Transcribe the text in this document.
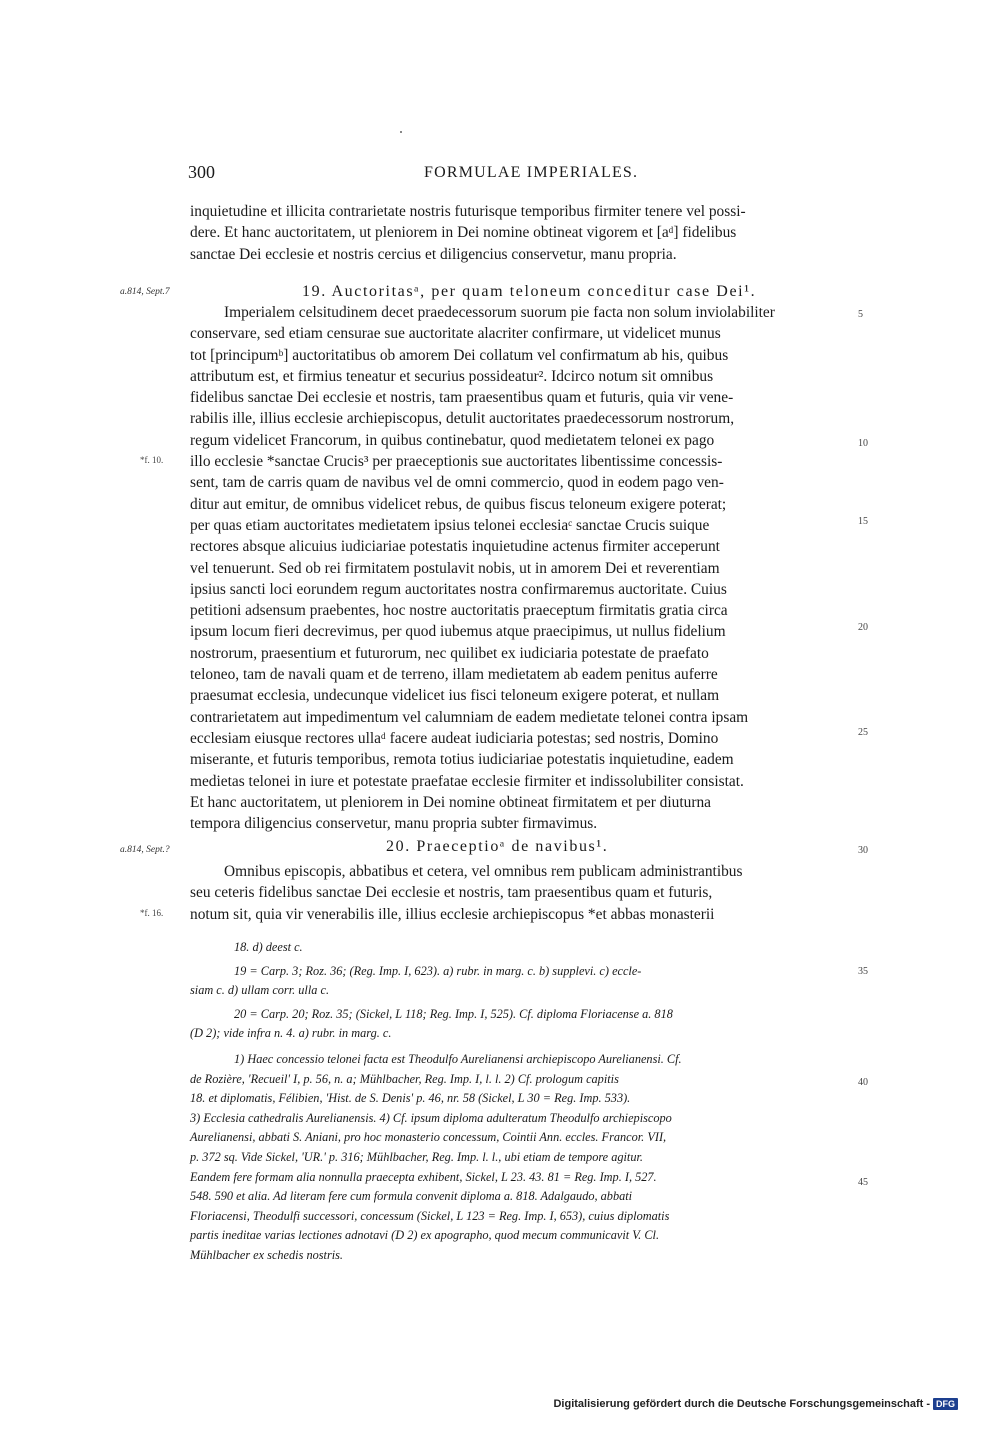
300	FORMULAE IMPERIALES.
inquietudine et illicita contrarietate nostris futurisque temporibus firmiter tenere vel possi-
dere. Et hanc auctoritatem, ut pleniorem in Dei nomine obtineat vigorem et [aᵈ] fidelibus
sanctae Dei ecclesie et nostris cercius et diligencius conservetur, manu propria.
a.814, Sept.7	19. Auctoritasᵃ, per quam teloneum conceditur case Dei¹.
Imperialem celsitudinem decet praedecessorum suorum pie facta non solum inviolabiliter
conservare, sed etiam censurae sue auctoritate alacriter confirmare, ut videlicet munus
tot [principumᵇ] auctoritatibus ob amorem Dei collatum vel confirmatum ab his, quibus
attributum est, et firmius teneatur et securius possideatur². Idcirco notum sit omnibus
fidelibus sanctae Dei ecclesie et nostris, tam praesentibus quam et futuris, quia vir vene-
rabilis ille, illius ecclesie archiepiscopus, detulit auctoritates praedecessorum nostrorum,
regum videlicet Francorum, in quibus continebatur, quod medietatem telonei ex pago
illo ecclesie *sanctae Crucis³ per praeceptionis sue auctoritates libentissime concessis-
sent, tam de carris quam de navibus vel de omni commercio, quod in eodem pago ven-
ditur aut emitur, de omnibus videlicet rebus, de quibus fiscus teloneum exigere poterat;
per quas etiam auctoritates medietatem ipsius telonei ecclesiaᶜ sanctae Crucis suique
rectores absque alicuius iudiciariae potestatis inquietudine actenus firmiter acceperunt
vel tenuerunt. Sed ob rei firmitatem postulavit nobis, ut in amorem Dei et reverentiam
ipsius sancti loci eorundem regum auctoritates nostra confirmaremus auctoritate. Cuius
petitioni adsensum praebentes, hoc nostre auctoritatis praeceptum firmitatis gratia circa
ipsum locum fieri decrevimus, per quod iubemus atque praecipimus, ut nullus fidelium
nostrorum, praesentium et futurorum, nec quilibet ex iudiciaria potestate de praefato
teloneo, tam de navali quam et de terreno, illam medietatem ab eadem penitus auferre
praesumat ecclesia, undecunque videlicet ius fisci teloneum exigere poterat, et nullam
contrarietatem aut impedimentum vel calumniam de eadem medietate telonei contra ipsam
ecclesiam eiusque rectores ullaᵈ facere audeat iudiciaria potestas; sed nostris, Domino
miserante, et futuris temporibus, remota totius iudiciariae potestatis inquietudine, eadem
medietas telonei in iure et potestate praefatae ecclesie firmiter et indissolubiliter consistat.
Et hanc auctoritatem, ut pleniorem in Dei nomine obtineat firmitatem et per diuturna
tempora diligencius conservetur, manu propria subter firmavimus.
*f. 10.
5
10
15
20
25
a.814, Sept.?	20. Praeceptioᵃ de navibus¹.	30
Omnibus episcopis, abbatibus et cetera, vel omnibus rem publicam administrantibus
seu ceteris fidelibus sanctae Dei ecclesie et nostris, tam praesentibus quam et futuris,
notum sit, quia vir venerabilis ille, illius ecclesie archiepiscopus *et abbas monasterii
*f. 16.
18. d) deest c.
19 = Carp. 3; Roz. 36; (Reg. Imp. I, 623). a) rubr. in marg. c. b) supplevi. c) eccle-
siam c. d) ullam corr. ulla c.
20 = Carp. 20; Roz. 35; (Sickel, L 118; Reg. Imp. I, 525). Cf. diploma Floriacense a. 818
(D 2); vide infra n. 4. a) rubr. in marg. c.
35
1) Haec concessio telonei facta est Theodulfo Aurelianensi archiepiscopo Aurelianensi. Cf.
de Rozière, 'Recueil' I, p. 56, n. a; Mühlbacher, Reg. Imp. I, l. l. 2) Cf. prologum capitis
18. et diplomatis, Félibien, 'Hist. de S. Denis' p. 46, nr. 58 (Sickel, L 30 = Reg. Imp. 533).
3) Ecclesia cathedralis Aurelianensis. 4) Cf. ipsum diploma adulteratum Theodulfo archiepiscopo
Aurelianensi, abbati S. Aniani, pro hoc monasterio concessum, Cointii Ann. eccles. Francor. VII,
p. 372 sq. Vide Sickel, 'UR.' p. 316; Mühlbacher, Reg. Imp. l. l., ubi etiam de tempore agitur.
Eandem fere formam alia nonnulla praecepta exhibent, Sickel, L 23. 43. 81 = Reg. Imp. I, 527.
548. 590 et alia. Ad literam fere cum formula convenit diploma a. 818. Adalgaudo, abbati
Floriacensi, Theodulfi successori, concessum (Sickel, L 123 = Reg. Imp. I, 653), cuius diplomatis
partis ineditae varias lectiones adnotavi (D 2) ex apographo, quod mecum communicavit V. Cl.
Mühlbacher ex schedis nostris.
40
45
Digitalisierung gefördert durch die Deutsche Forschungsgemeinschaft - DFG
